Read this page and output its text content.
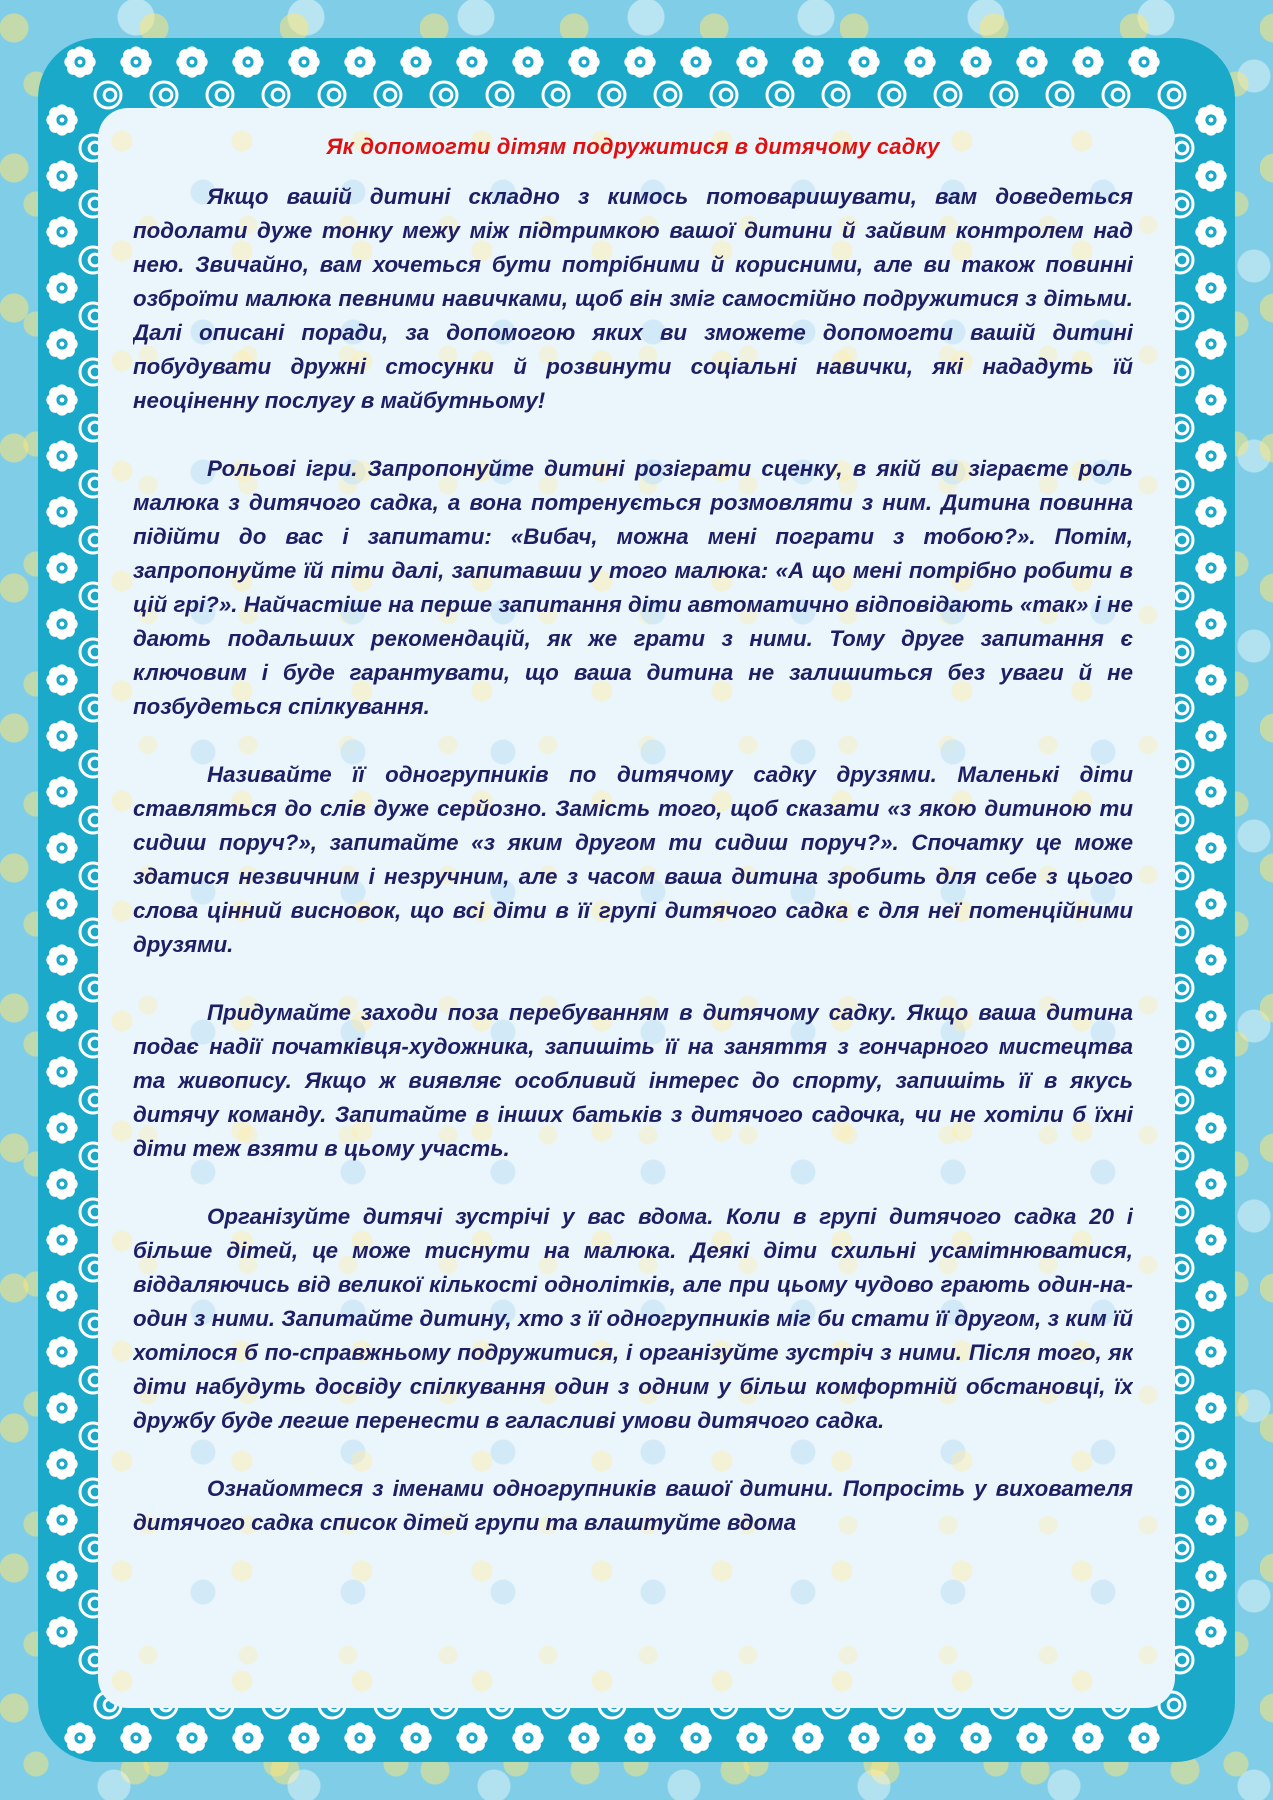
Як допомогти дітям подружитися в дитячому садку

Якщо вашій дитині складно з кимось потоваришувати, вам доведеться подолати дуже тонку межу між підтримкою вашої дитини й зайвим контролем над нею. Звичайно, вам хочеться бути потрібними й корисними, але ви також повинні озброїти малюка певними навичками, щоб він зміг самостійно подружитися з дітьми. Далі описані поради, за допомогою яких ви зможете допомогти вашій дитині побудувати дружні стосунки й розвинути соціальні навички, які нададуть їй неоціненну послугу в майбутньому!

Рольові ігри. Запропонуйте дитині розіграти сценку, в якій ви зіграєте роль малюка з дитячого садка, а вона потренується розмовляти з ним. Дитина повинна підійти до вас і запитати: «Вибач, можна мені пограти з тобою?». Потім, запропонуйте їй піти далі, запитавши у того малюка: «А що мені потрібно робити в цій грі?». Найчастіше на перше запитання діти автоматично відповідають «так» і не дають подальших рекомендацій, як же грати з ними. Тому друге запитання є ключовим і буде гарантувати, що ваша дитина не залишиться без уваги й не позбудеться спілкування.

Називайте її одногрупників по дитячому садку друзями. Маленькі діти ставляться до слів дуже серйозно. Замість того, щоб сказати «з якою дитиною ти сидиш поруч?», запитайте «з яким другом ти сидиш поруч?». Спочатку це може здатися незвичним і незручним, але з часом ваша дитина зробить для себе з цього слова цінний висновок, що всі діти в її групі дитячого садка є для неї потенційними друзями.

Придумайте заходи поза перебуванням в дитячому садку. Якщо ваша дитина подає надії початківця-художника, запишіть її на заняття з гончарного мистецтва та живопису. Якщо ж виявляє особливий інтерес до спорту, запишіть її в якусь дитячу команду. Запитайте в інших батьків з дитячого садочка, чи не хотіли б їхні діти теж взяти в цьому участь.

Організуйте дитячі зустрічі у вас вдома. Коли в групі дитячого садка 20 і більше дітей, це може тиснути на малюка. Деякі діти схильні усамітнюватися, віддаляючись від великої кількості однолітків, але при цьому чудово грають один-на-один з ними. Запитайте дитину, хто з її одногрупників міг би стати її другом, з ким їй хотілося б по-справжньому подружитися, і організуйте зустріч з ними. Після того, як діти набудуть досвіду спілкування один з одним у більш комфортній обстановці, їх дружбу буде легше перенести в галасливі умови дитячого садка.

Ознайомтеся з іменами одногрупників вашої дитини. Попросіть у вихователя дитячого садка список дітей групи та влаштуйте вдома
